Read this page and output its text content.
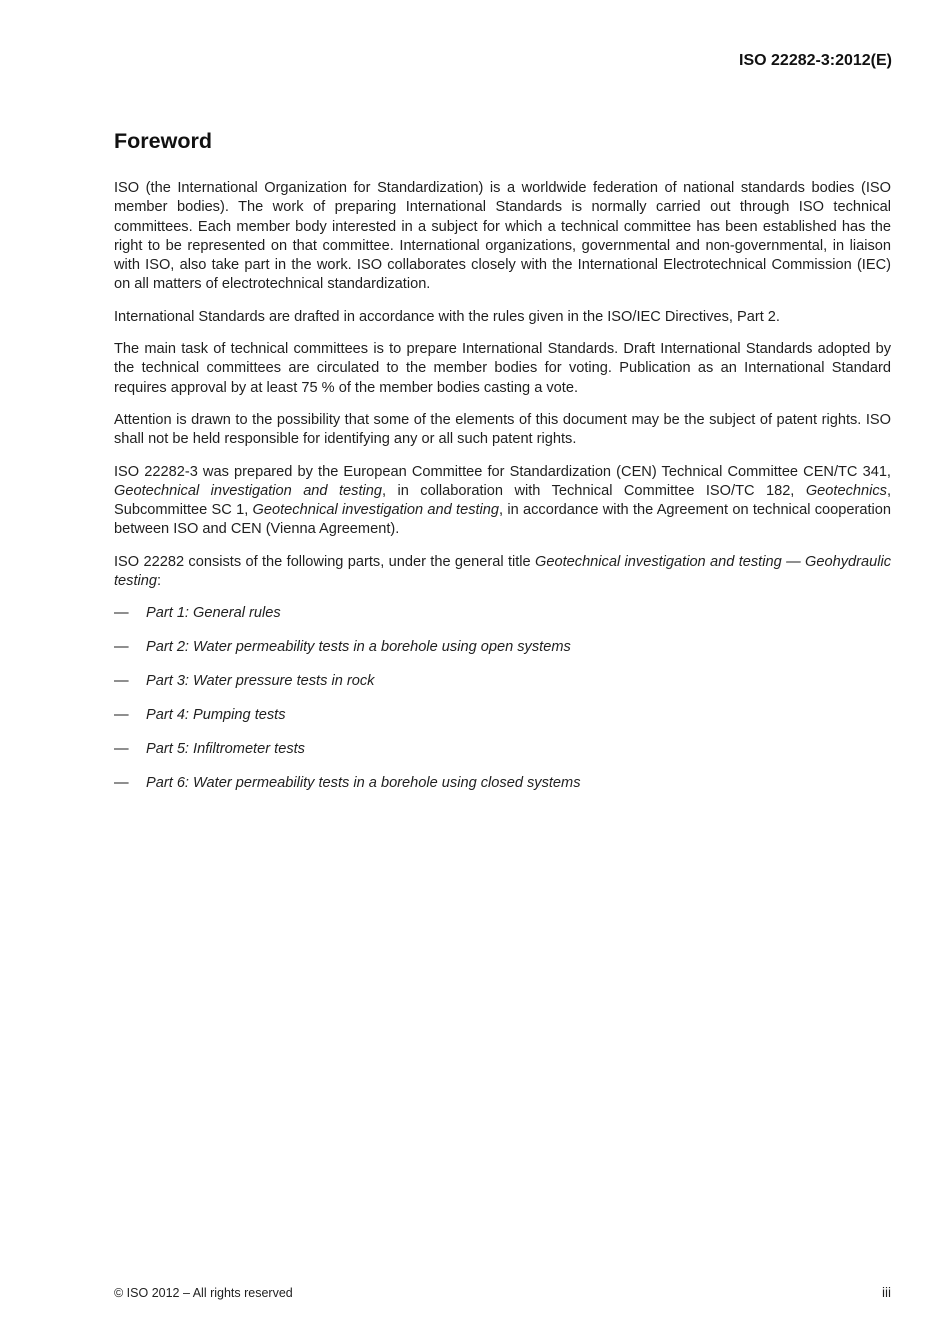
ISO 22282-3:2012(E)
Foreword

ISO (the International Organization for Standardization) is a worldwide federation of national standards bodies (ISO member bodies). The work of preparing International Standards is normally carried out through ISO technical committees. Each member body interested in a subject for which a technical committee has been established has the right to be represented on that committee. International organizations, governmental and non-governmental, in liaison with ISO, also take part in the work. ISO collaborates closely with the International Electrotechnical Commission (IEC) on all matters of electrotechnical standardization.

International Standards are drafted in accordance with the rules given in the ISO/IEC Directives, Part 2.

The main task of technical committees is to prepare International Standards. Draft International Standards adopted by the technical committees are circulated to the member bodies for voting. Publication as an International Standard requires approval by at least 75 % of the member bodies casting a vote.

Attention is drawn to the possibility that some of the elements of this document may be the subject of patent rights. ISO shall not be held responsible for identifying any or all such patent rights.

ISO 22282-3 was prepared by the European Committee for Standardization (CEN) Technical Committee CEN/TC 341, Geotechnical investigation and testing, in collaboration with Technical Committee ISO/TC 182, Geotechnics, Subcommittee SC 1, Geotechnical investigation and testing, in accordance with the Agreement on technical cooperation between ISO and CEN (Vienna Agreement).

ISO 22282 consists of the following parts, under the general title Geotechnical investigation and testing — Geohydraulic testing:

—	Part 1: General rules
—	Part 2: Water permeability tests in a borehole using open systems
—	Part 3: Water pressure tests in rock
—	Part 4: Pumping tests
—	Part 5: Infiltrometer tests
—	Part 6: Water permeability tests in a borehole using closed systems
© ISO 2012 – All rights reserved	iii
